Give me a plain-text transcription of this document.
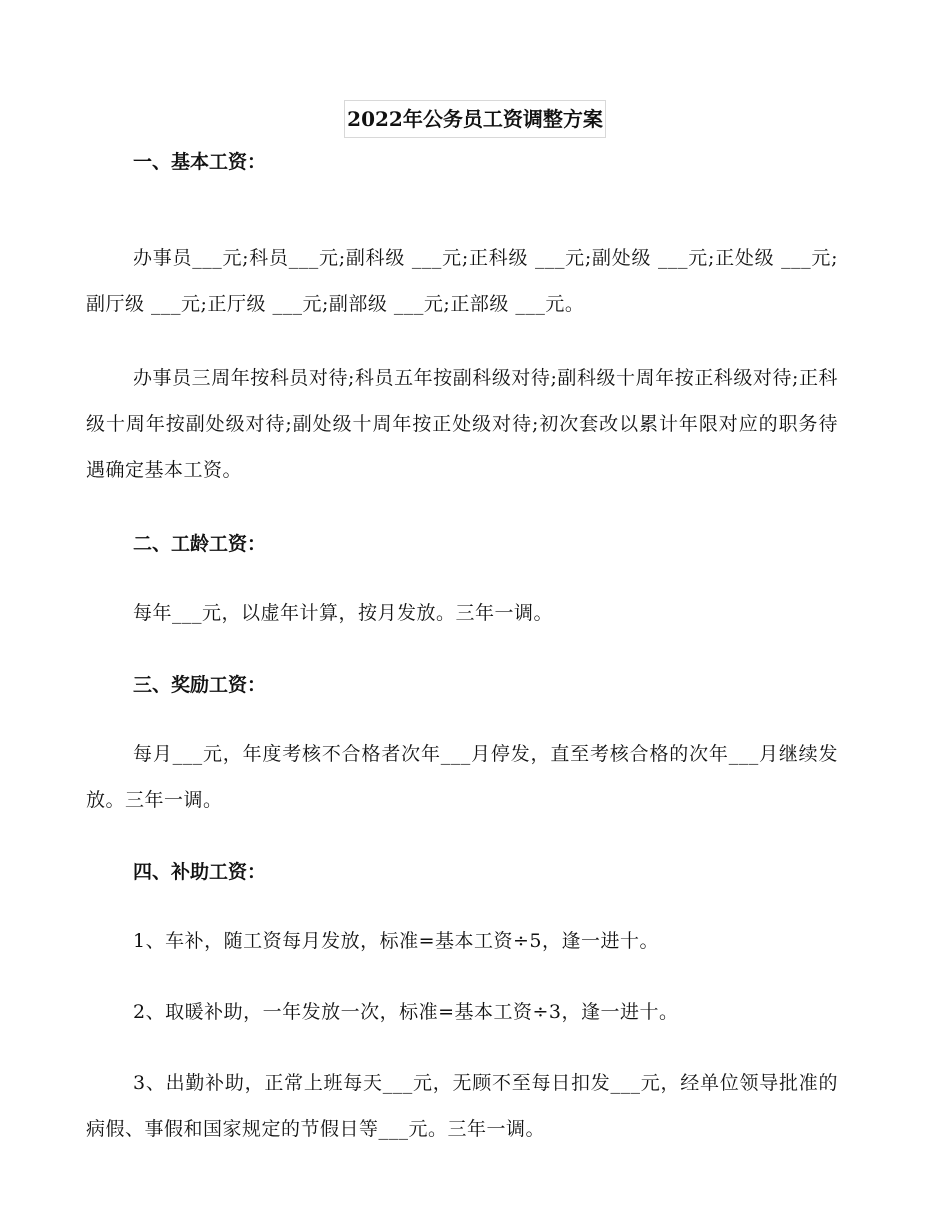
2022年公务员工资调整方案
一、基本工资：
办事员___元;科员___元;副科级 ___元;正科级 ___元;副处级 ___元;正处级 ___元;副厅级 ___元;正厅级 ___元;副部级 ___元;正部级 ___元。
办事员三周年按科员对待;科员五年按副科级对待;副科级十周年按正科级对待;正科级十周年按副处级对待;副处级十周年按正处级对待;初次套改以累计年限对应的职务待遇确定基本工资。
二、工龄工资：
每年___元，以虚年计算，按月发放。三年一调。
三、奖励工资：
每月___元，年度考核不合格者次年___月停发，直至考核合格的次年___月继续发放。三年一调。
四、补助工资：
1、车补，随工资每月发放，标准=基本工资÷5，逢一进十。
2、取暖补助，一年发放一次，标准=基本工资÷3，逢一进十。
3、出勤补助，正常上班每天___元，无顾不至每日扣发___元，经单位领导批准的病假、事假和国家规定的节假日等___元。三年一调。
